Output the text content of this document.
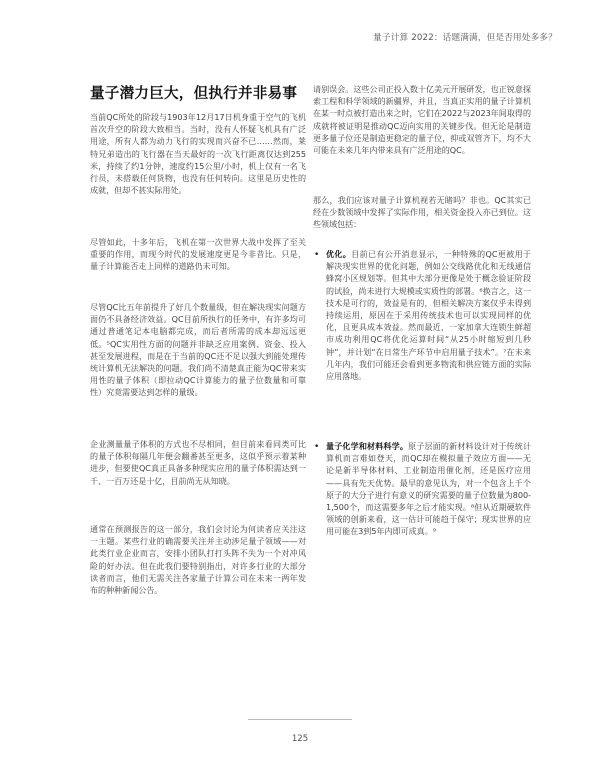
量子计算 2022：话题满满，但是否用处多多？
量子潜力巨大，但执行并非易事

当前QC所处的阶段与1903年12月17日机身重于空气的飞机首次升空的阶段大致相当。当时，没有人怀疑飞机具有广泛用途，所有人都为动力飞行的实现而兴奋不已……然而，莱特兄弟造出的飞行器在当天最好的一次飞行距离仅达到255米，持续了约1分钟，速度约15公里/小时，机上仅有一名飞行员，未搭载任何货物，也没有任何转向。这里是历史性的成就，但却不甚实际用处。

尽管如此，十多年后，飞机在第一次世界大战中发挥了至关重要的作用，而现今时代的发展速度更是今非昔比。只是，量子计算能否走上同样的道路仍未可知。

尽管QC比五年前提升了好几个数量级，但在解决现实问题方面仍不具备经济效益。QC目前所执行的任务中，有许多均可通过普通笔记本电脑都完成，而后者所需的成本却远远更低。⁵QC实用性方面的问题并非缺乏应用案例、资金、投入甚至发展进程，而是在于当前的QC还不足以强大到能处理传统计算机无法解决的问题。我们尚不清楚真正能为QC带来实用性的量子体积（即拉动QC计算能力的量子位数量和可靠性）究竟需要达到怎样的量级。

企业测量量子体积的方式也不尽相同，但目前来看同类可比的量子体积每隔几年便会翻番甚至更多，这似乎预示着某种进步，但要使QC真正具备多种现实应用的量子体积需达到一千、一百万还是十亿，目前尚无从知晓。

通常在预测报告的这一部分，我们会讨论为何读者应关注这一主题。某些行业的确需要关注并主动涉足量子领域——对此类行业企业而言，安排小团队打打头阵不失为一个对冲风险的好办法。但在此我们要特别指出，对许多行业的大部分读者而言，他们无需关注各家量子计算公司在未来一两年发布的种种新闻公告。

请别误会。这些公司正投入数十亿美元开展研发，也正锐意探索工程和科学领域的新疆界，并且，当真正实用的量子计算机在某一时点被打造出来之时，它们在2022与2023年间取得的成就将被证明是推动QC迈向实用的关键步伐。但无论是制造更多量子位还是制造更稳定的量子位，抑或双管齐下，均不大可能在未来几年内带来具有广泛用途的QC。

那么，我们应该对量子计算机视若无睹吗？非也。QC其实已经在少数领域中发挥了实际作用，相关资金投入亦已到位。这些领域包括：

• 优化。目前已有公开消息显示，一种特殊的QC更被用于解决现实世界的优化问题，例如公交线路优化和无线通信蜂窝小区规划等。但其中大部分更像是处于概念验证阶段的试验，尚未进行大规模或实质性的部署。⁶换言之，这一技术是可行的，效益是有的，但相关解决方案仅乎未得到持续运用，原因在于采用传统技术也可以实现同样的优化，且更具成本效益。然而最近，一家加拿大连锁生鲜超市成功利用QC将优化运算时间“从25小时缩短到几秒钟”，并计划“在日常生产环节中启用量子技术”。⁷在未来几年内，我们可能还会看到更多物流和供应链方面的实际应用落地。
• 量子化学和材料科学。原子层面的新材料设计对于传统计算机而言难如登天，而QC却在模拟量子效应方面——无论是新半导体材料、工业制造用催化剂，还是医疗应用——具有先天优势。最早的意见认为，对一个包含上千个原子的大分子进行有意义的研究需要的量子位数量为800-1,500个，而这需要多年之后才能实现。⁸但从近期硬软件领域的创新来看，这一估计可能趋于保守；现实世界的应用可能在3到5年内即可成真。⁹
125
